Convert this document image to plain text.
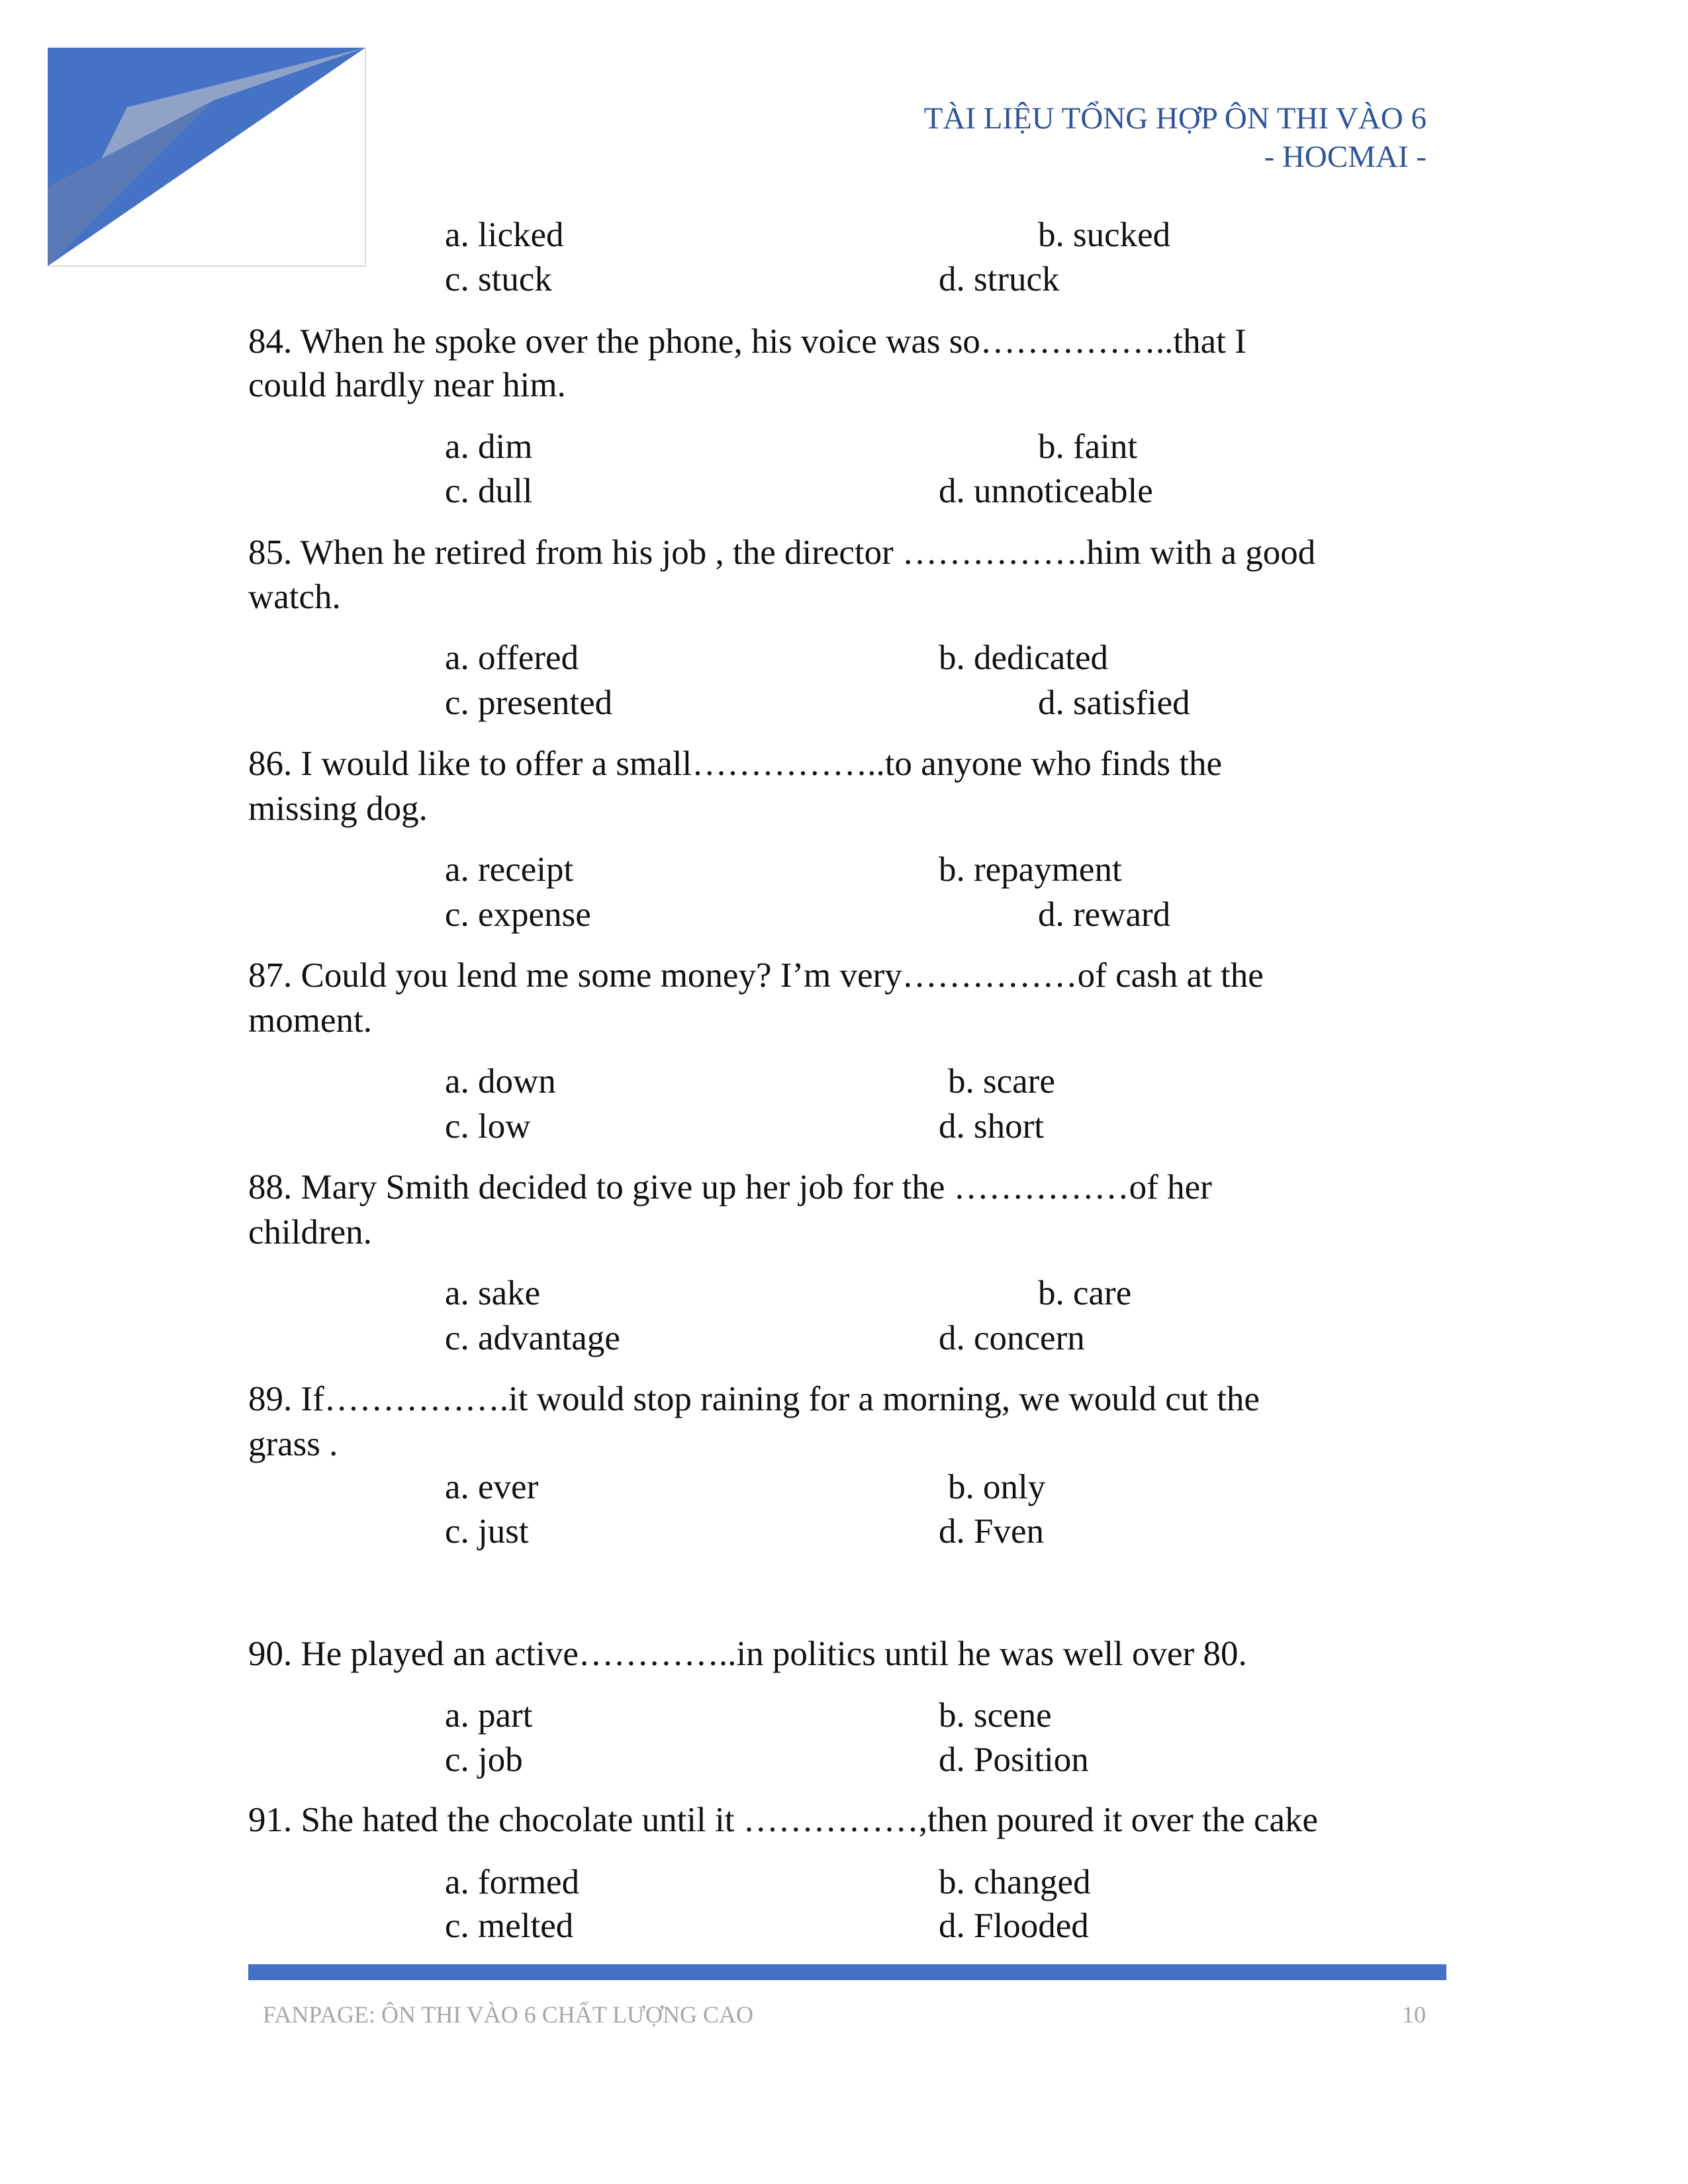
TÀI LIỆU TỔNG HỢP ÔN THI VÀO 6
- HOCMAI -
a. licked	b. sucked
c. stuck	d. struck
84. When he spoke over the phone, his voice was so……………..that I
could hardly near him.
a. dim	b. faint
c. dull	d. unnoticeable
85. When he retired from his job , the director …………….him with a good
watch.
a. offered	b. dedicated
c. presented	d. satisfied
86. I would like to offer a small……………..to anyone who finds the
missing dog.
a. receipt	b. repayment
c. expense	d. reward
87. Could you lend me some money? I’m very……………of cash at the
moment.
a. down	b. scare
c. low	d. short
88. Mary Smith decided to give up her job for the ……………of her
children.
a. sake	b. care
c. advantage	d. concern
89. If…………….it would stop raining for a morning, we would cut the
grass .
a. ever	b. only
c. just	d. Fven
90. He played an active…………..in politics until he was well over 80.
a. part	b. scene
c. job	d. Position
91. She hated the chocolate until it ……………,then poured it over the cake
a. formed	b. changed
c. melted	d. Flooded
FANPAGE: ÔN THI VÀO 6 CHẤT LƯỢNG CAO	10
